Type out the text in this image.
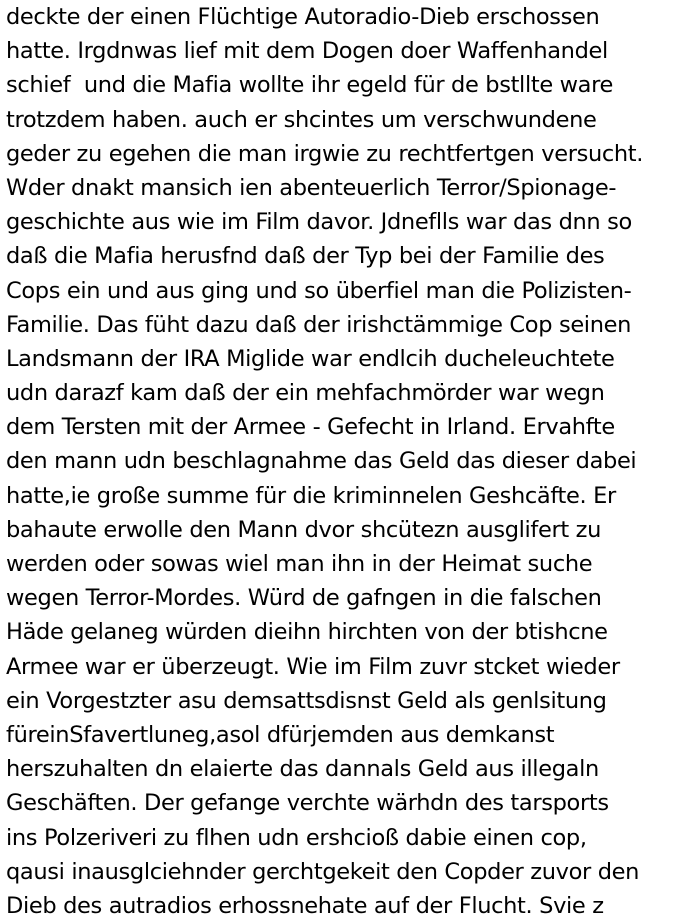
deckte der einen Flüchtige Autoradio-Dieb erschossen
hatte. Irgdnwas lief mit dem Dogen doer Waffenhandel
schief  und die Mafia wollte ihr egeld für de bstllte ware
trotzdem haben. auch er shcintes um verschwundene
geder zu egehen die man irgwie zu rechtfertgen versucht.
Wder dnakt mansich ien abenteuerlich Terror/Spionage-
geschichte aus wie im Film davor. Jdneflls war das dnn so
daß die Mafia herusfnd daß der Typ bei der Familie des
Cops ein und aus ging und so überfiel man die Polizisten-
Familie. Das füht dazu daß der irishctämmige Cop seinen
Landsmann der IRA Miglide war endlcih ducheleuchtete
udn darazf kam daß der ein mehfachmörder war wegn
dem Tersten mit der Armee - Gefecht in Irland. Ervahfte
den mann udn beschlagnahme das Geld das dieser dabei
hatte,ie große summe für die kriminnelen Geshcäfte. Er
bahaute erwolle den Mann dvor shcütezn ausglifert zu
werden oder sowas wiel man ihn in der Heimat suche
wegen Terror-Mordes. Würd de gafngen in die falschen
Häde gelaneg würden dieihn hirchten von der btishcne
Armee war er überzeugt. Wie im Film zuvr stcket wieder
ein Vorgestzter asu demsattsdisnst Geld als genlsitung
füreinSfavertluneg,asol dfürjemden aus demkanst
herszuhalten dn elaierte das dannals Geld aus illegaln
Geschäften. Der gefange verchte wärhdn des tarsports
ins Polzeriveri zu flhen udn ershcioß dabie einen cop,
qausi inausglciehnder gerchtgekeit den Copder zuvor den
Dieb des autradios erhossnehate auf der Flucht. Svie z
